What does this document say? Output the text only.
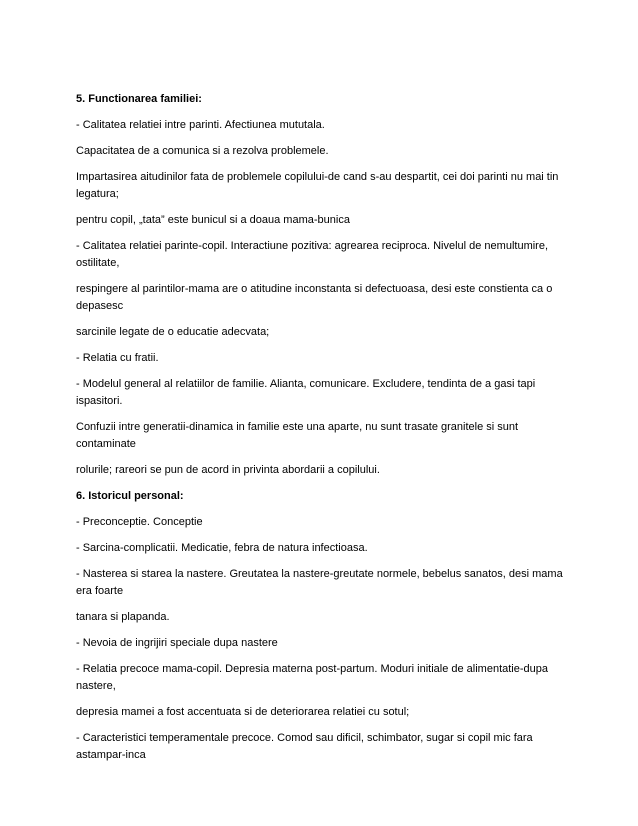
5. Functionarea familiei:

- Calitatea relatiei intre parinti. Afectiunea mututala.

Capacitatea de a comunica si a rezolva problemele.

Impartasirea aitudinilor fata de problemele copilului-de cand s-au despartit, cei doi parinti nu mai tin legatura;

pentru copil, „tata” este bunicul si a doaua mama-bunica

- Calitatea relatiei parinte-copil. Interactiune pozitiva: agrearea reciproca. Nivelul de nemultumire, ostilitate,

respingere al parintilor-mama are o atitudine inconstanta si defectuoasa, desi este constienta ca o depasesc

sarcinile legate de o educatie adecvata;

- Relatia cu fratii.

- Modelul general al relatiilor de familie. Alianta, comunicare. Excludere, tendinta de a gasi tapi ispasitori.

Confuzii intre generatii-dinamica in familie este una aparte, nu sunt trasate granitele si sunt contaminate

rolurile; rareori se pun de acord in privinta abordarii a copilului.

6. Istoricul personal:

- Preconceptie. Conceptie

- Sarcina-complicatii. Medicatie, febra de natura infectioasa.

- Nasterea si starea la nastere. Greutatea la nastere-greutate normele, bebelus sanatos, desi mama era foarte

tanara si plapanda.

- Nevoia de ingrijiri speciale dupa nastere

- Relatia precoce mama-copil. Depresia materna post-partum. Moduri initiale de alimentatie-dupa nastere,

depresia mamei a fost accentuata si de deteriorarea relatiei cu sotul;

- Caracteristici temperamentale precoce. Comod sau dificil, schimbator, sugar si copil mic fara astampar-inca
